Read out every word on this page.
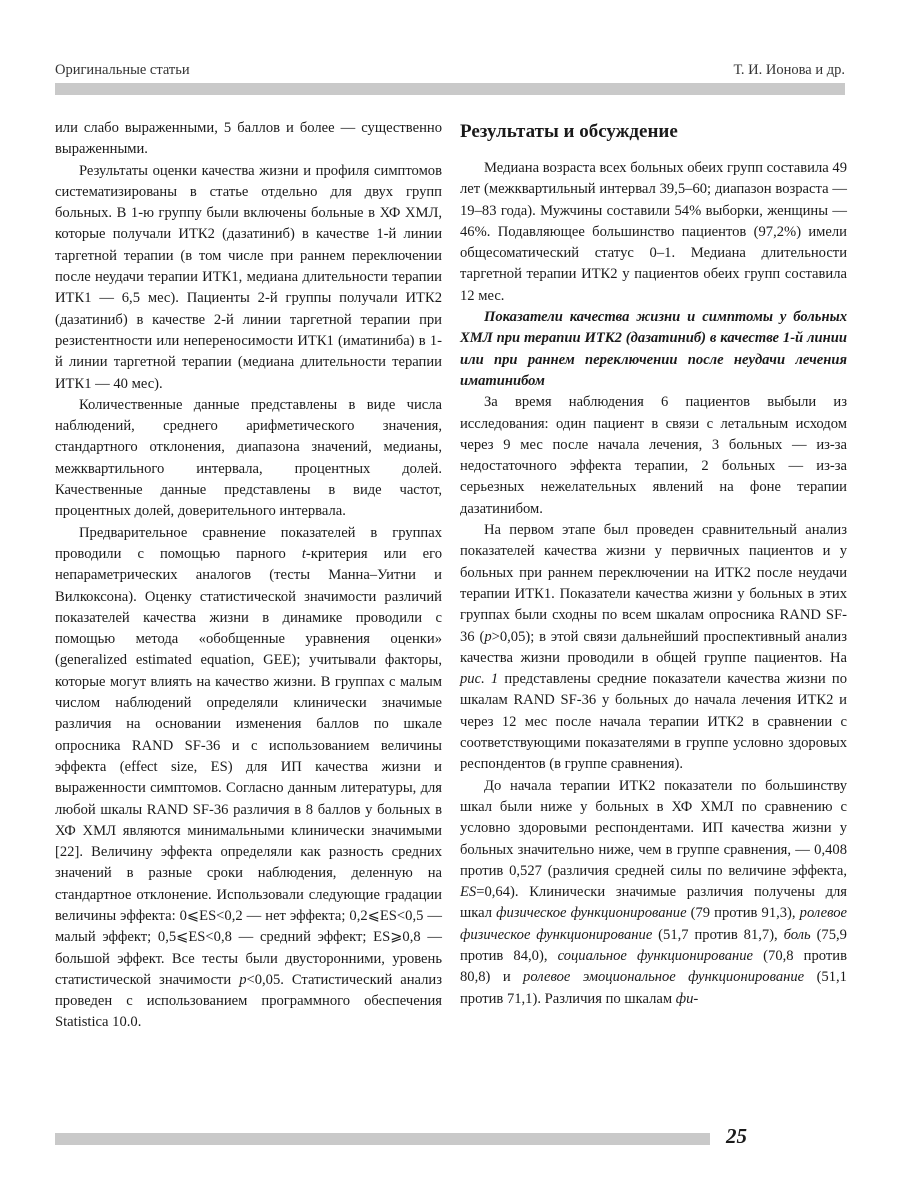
Оригинальные статьи	Т. И. Ионова и др.

или слабо выраженными, 5 баллов и более — существенно выраженными.

Результаты оценки качества жизни и профиля симптомов систематизированы в статье отдельно для двух групп больных. В 1-ю группу были включены больные в ХФ ХМЛ, которые получали ИТК2 (дазатиниб) в качестве 1-й линии таргетной терапии (в том числе при раннем переключении после неудачи терапии ИТК1, медиана длительности терапии ИТК1 — 6,5 мес). Пациенты 2-й группы получали ИТК2 (дазатиниб) в качестве 2-й линии таргетной терапии при резистентности или непереносимости ИТК1 (иматиниба) в 1-й линии таргетной терапии (медиана длительности терапии ИТК1 — 40 мес).

Количественные данные представлены в виде числа наблюдений, среднего арифметического значения, стандартного отклонения, диапазона значений, медианы, межквартильного интервала, процентных долей. Качественные данные представлены в виде частот, процентных долей, доверительного интервала.

Предварительное сравнение показателей в группах проводили с помощью парного t-критерия или его непараметрических аналогов (тесты Манна–Уитни и Вилкоксона). Оценку статистической значимости различий показателей качества жизни в динамике проводили с помощью метода «обобщенные уравнения оценки» (generalized estimated equation, GEE); учитывали факторы, которые могут влиять на качество жизни. В группах с малым числом наблюдений определяли клинически значимые различия на основании изменения баллов по шкале опросника RAND SF-36 и с использованием величины эффекта (effect size, ES) для ИП качества жизни и выраженности симптомов. Согласно данным литературы, для любой шкалы RAND SF-36 различия в 8 баллов у больных в ХФ ХМЛ являются минимальными клинически значимыми [22]. Величину эффекта определяли как разность средних значений в разные сроки наблюдения, деленную на стандартное отклонение. Использовали следующие градации величины эффекта: 0⩽ES<0,2 — нет эффекта; 0,2⩽ES<0,5 — малый эффект; 0,5⩽ES<0,8 — средний эффект; ES⩾0,8 — большой эффект. Все тесты были двусторонними, уровень статистической значимости p<0,05. Статистический анализ проведен с использованием программного обеспечения Statistica 10.0.

Результаты и обсуждение

Медиана возраста всех больных обеих групп составила 49 лет (межквартильный интервал 39,5–60; диапазон возраста — 19–83 года). Мужчины составили 54% выборки, женщины — 46%. Подавляющее большинство пациентов (97,2%) имели общесоматический статус 0–1. Медиана длительности таргетной терапии ИТК2 у пациентов обеих групп составила 12 мес.

Показатели качества жизни и симптомы у больных ХМЛ при терапии ИТК2 (дазатиниб) в качестве 1-й линии или при раннем переключении после неудачи лечения иматинибом

За время наблюдения 6 пациентов выбыли из исследования: один пациент в связи с летальным исходом через 9 мес после начала лечения, 3 больных — из-за недостаточного эффекта терапии, 2 больных — из-за серьезных нежелательных явлений на фоне терапии дазатинибом.

На первом этапе был проведен сравнительный анализ показателей качества жизни у первичных пациентов и у больных при раннем переключении на ИТК2 после неудачи терапии ИТК1. Показатели качества жизни у больных в этих группах были сходны по всем шкалам опросника RAND SF-36 (p>0,05); в этой связи дальнейший проспективный анализ качества жизни проводили в общей группе пациентов. На рис. 1 представлены средние показатели качества жизни по шкалам RAND SF-36 у больных до начала лечения ИТК2 и через 12 мес после начала терапии ИТК2 в сравнении с соответствующими показателями в группе условно здоровых респондентов (в группе сравнения).

До начала терапии ИТК2 показатели по большинству шкал были ниже у больных в ХФ ХМЛ по сравнению с условно здоровыми респондентами. ИП качества жизни у больных значительно ниже, чем в группе сравнения, — 0,408 против 0,527 (различия средней силы по величине эффекта, ES=0,64). Клинически значимые различия получены для шкал физическое функционирование (79 против 91,3), ролевое физическое функционирование (51,7 против 81,7), боль (75,9 против 84,0), социальное функционирование (70,8 против 80,8) и ролевое эмоциональное функционирование (51,1 против 71,1). Различия по шкалам фи-

25
